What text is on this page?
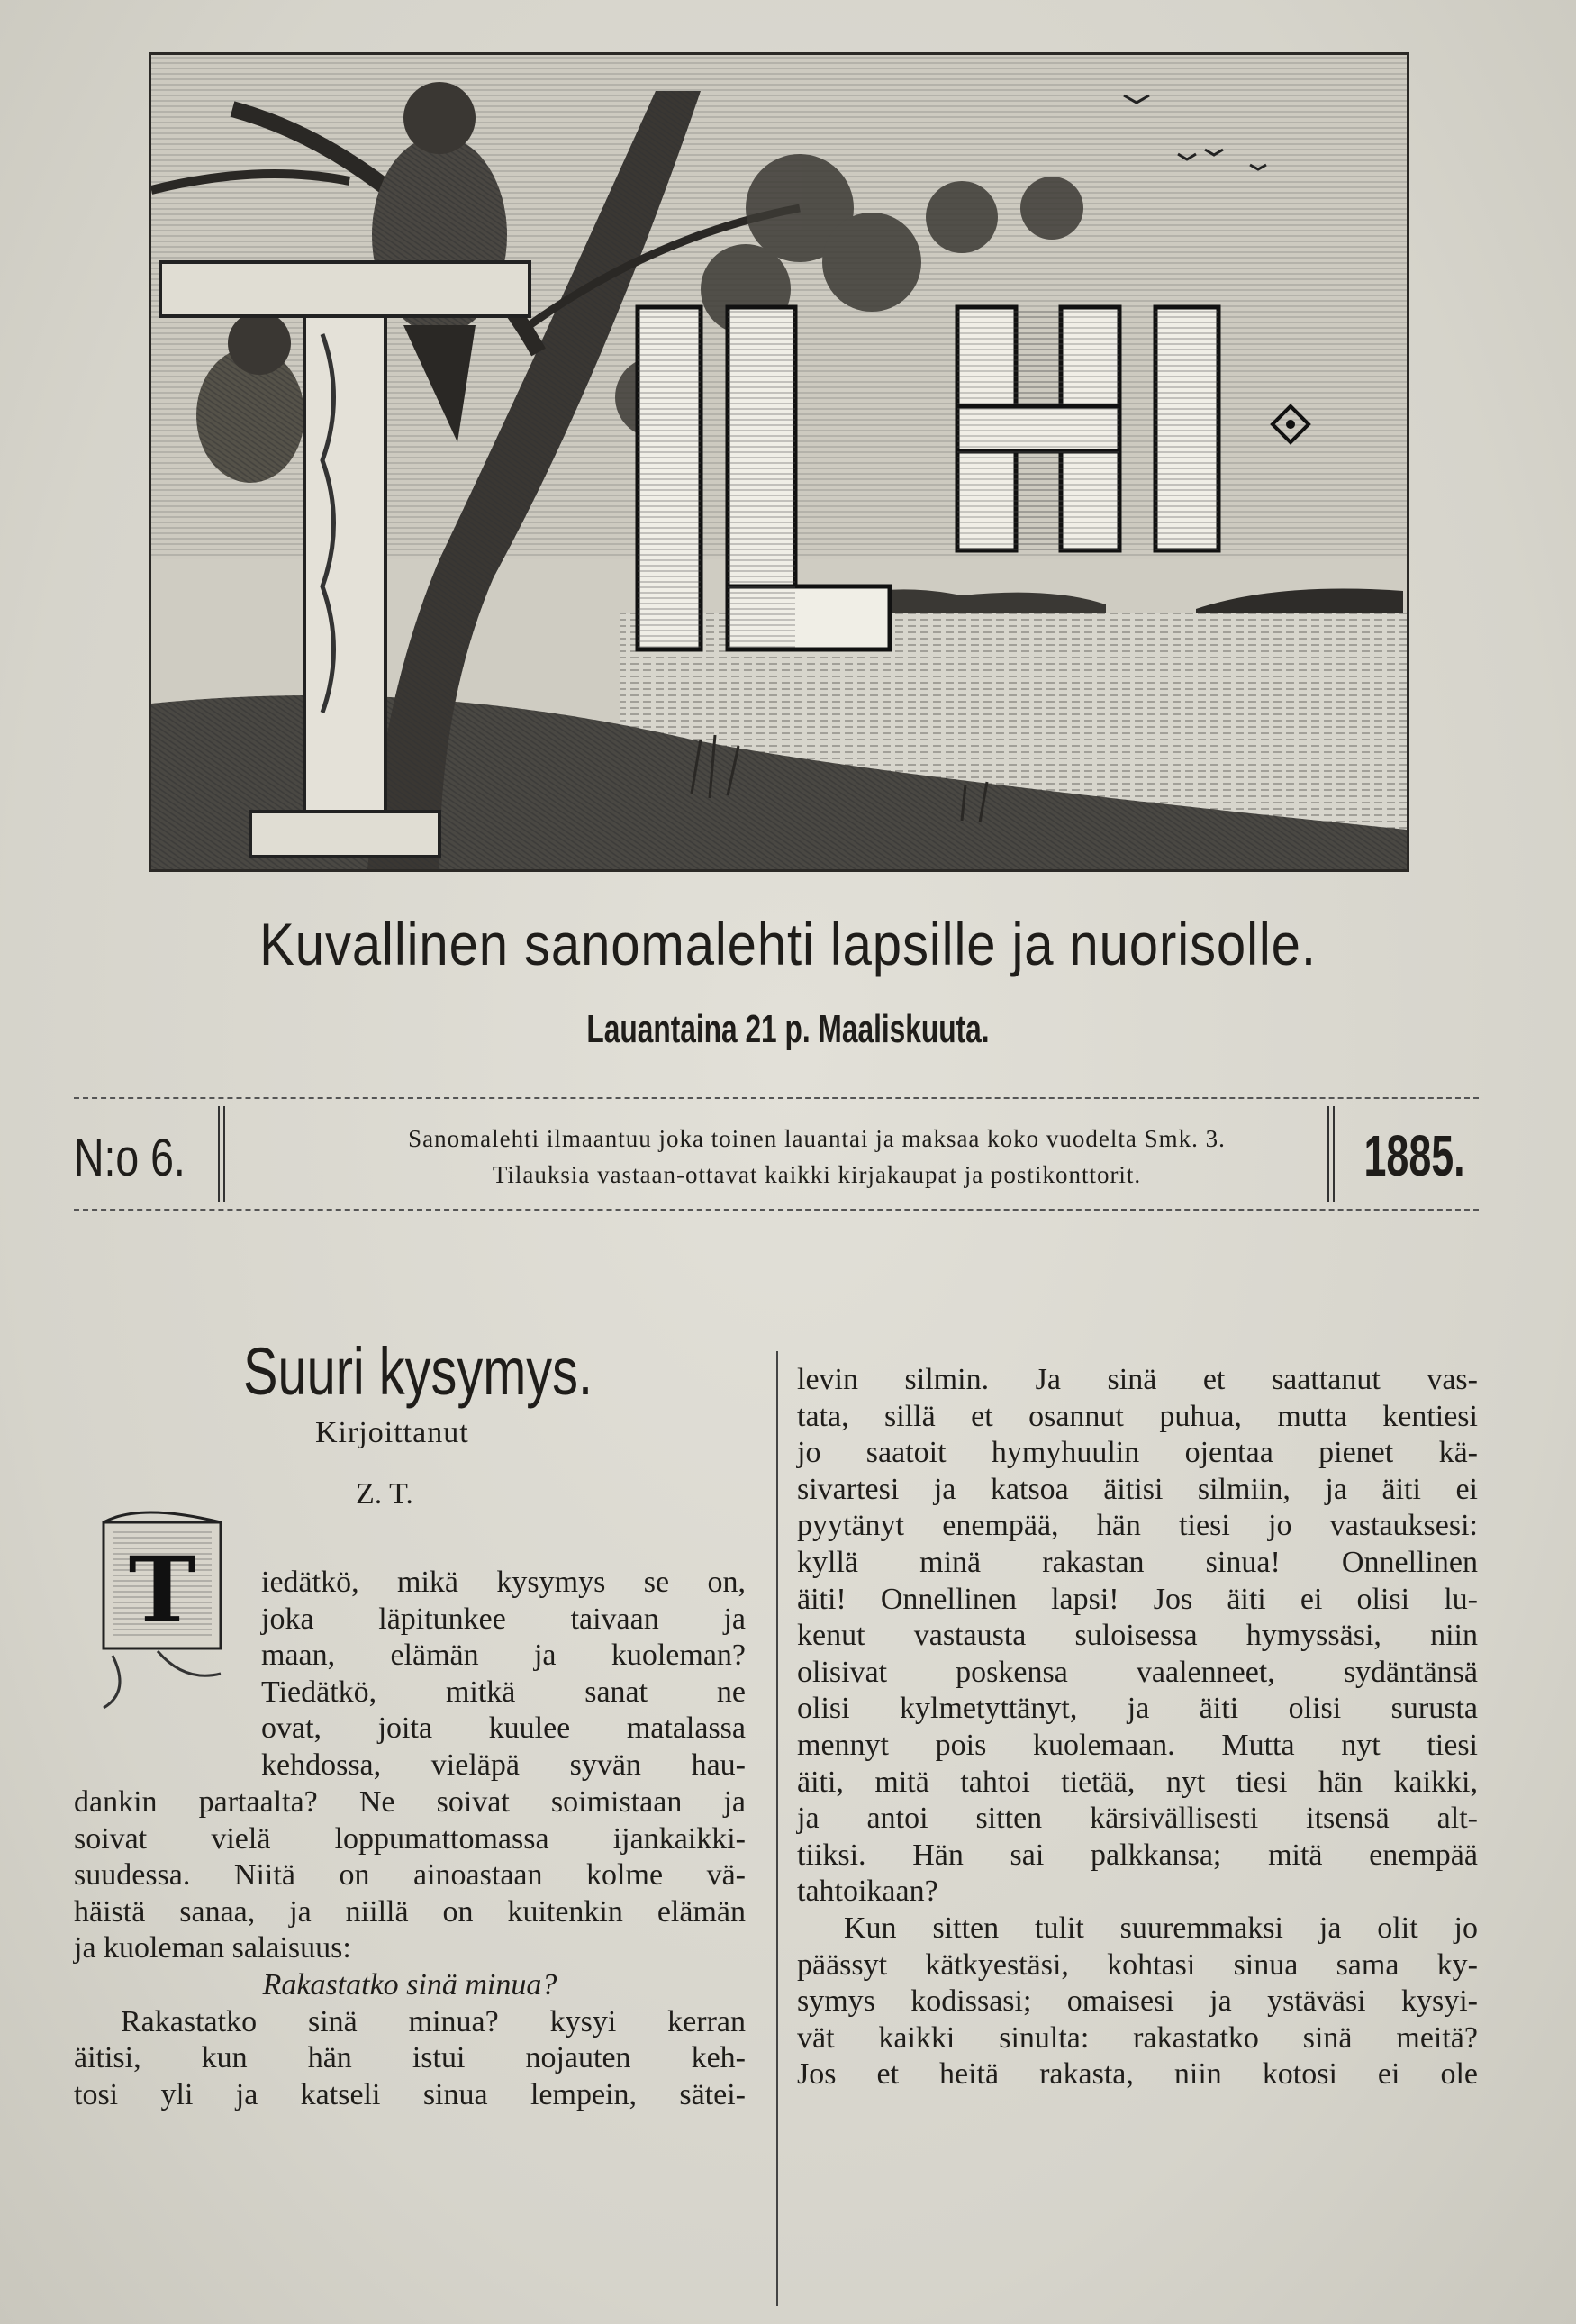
Kuvallinen sanomalehti lapsille ja nuorisolle.
Lauantaina 21 p. Maaliskuuta.
N:o 6.	Sanomalehti ilmaantuu joka toinen lauantai ja maksaa koko vuodelta Smk. 3.
Tilauksia vastaan-ottavat kaikki kirjakaupat ja postikonttorit.	1885.
Suuri kysymys.
Kirjoittanut
Z. T.
T iedätkö, mikä kysymys se on,
joka läpitunkee taivaan ja
maan, elämän ja kuoleman?
Tiedätkö, mitkä sanat ne
ovat, joita kuulee matalassa
kehdossa, vieläpä syvän hau-
dankin partaalta? Ne soivat soimistaan ja
soivat vielä loppumattomassa ijankaikki-
suudessa. Niitä on ainoastaan kolme vä-
häistä sanaa, ja niillä on kuitenkin elämän
ja kuoleman salaisuus:
Rakastatko sinä minua?
Rakastatko sinä minua? kysyi kerran
äitisi, kun hän istui nojauten keh-
tosi yli ja katseli sinua lempein, sätei-
levin silmin. Ja sinä et saattanut vas-
tata, sillä et osannut puhua, mutta kentiesi
jo saatoit hymyhuulin ojentaa pienet kä-
sivartesi ja katsoa äitisi silmiin, ja äiti ei
pyytänyt enempää, hän tiesi jo vastauksesi:
kyllä minä rakastan sinua! Onnellinen
äiti! Onnellinen lapsi! Jos äiti ei olisi lu-
kenut vastausta suloisessa hymyssäsi, niin
olisivat poskensa vaalenneet, sydäntänsä
olisi kylmetyttänyt, ja äiti olisi surusta
mennyt pois kuolemaan. Mutta nyt tiesi
äiti, mitä tahtoi tietää, nyt tiesi hän kaikki,
ja antoi sitten kärsivällisesti itsensä alt-
tiiksi. Hän sai palkkansa; mitä enempää
tahtoikaan?
Kun sitten tulit suuremmaksi ja olit jo
päässyt kätkyestäsi, kohtasi sinua sama ky-
symys kodissasi; omaisesi ja ystäväsi kysyi-
vät kaikki sinulta: rakastatko sinä meitä?
Jos et heitä rakasta, niin kotosi ei ole
